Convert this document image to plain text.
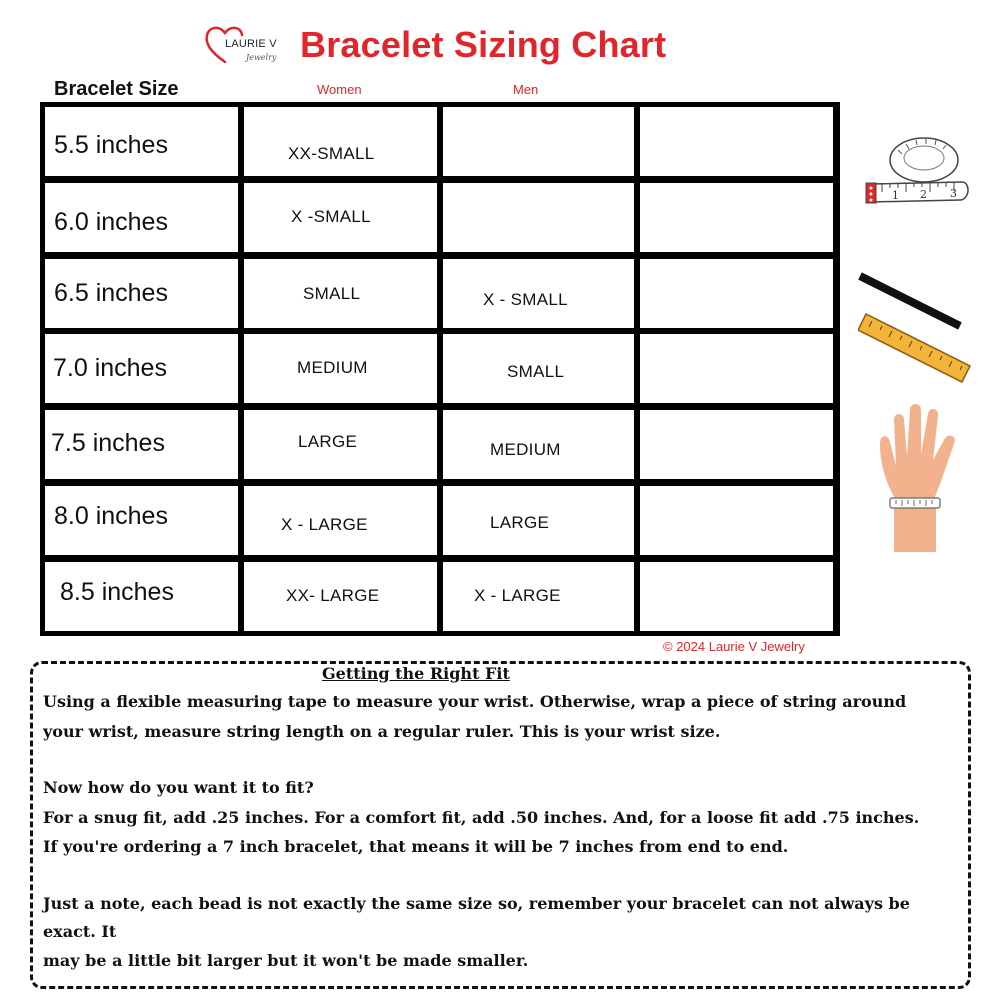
LAURIE V
Jewelry Bracelet Sizing Chart
Bracelet Size	Women	Men
5.5 inches	XX-SMALL
6.0 inches	X -SMALL
6.5 inches	SMALL	X - SMALL
7.0 inches	MEDIUM	SMALL
7.5 inches	LARGE	MEDIUM
8.0 inches	X - LARGE	LARGE
8.5 inches	XX- LARGE	X - LARGE
© 2024 Laurie V Jewelry
1 2 3
Getting the Right Fit
Using a flexible measuring tape to measure your wrist. Otherwise, wrap a piece of string around
your wrist, measure string length on a regular ruler. This is your wrist size.
Now how do you want it to fit?
For a snug fit, add .25 inches. For a comfort fit, add .50 inches. And, for a loose fit add .75 inches.
If you're ordering a 7 inch bracelet, that means it will be 7 inches from end to end.
Just a note, each bead is not exactly the same size so, remember your bracelet can not always be
exact. It
may be a little bit larger but it won't be made smaller.
